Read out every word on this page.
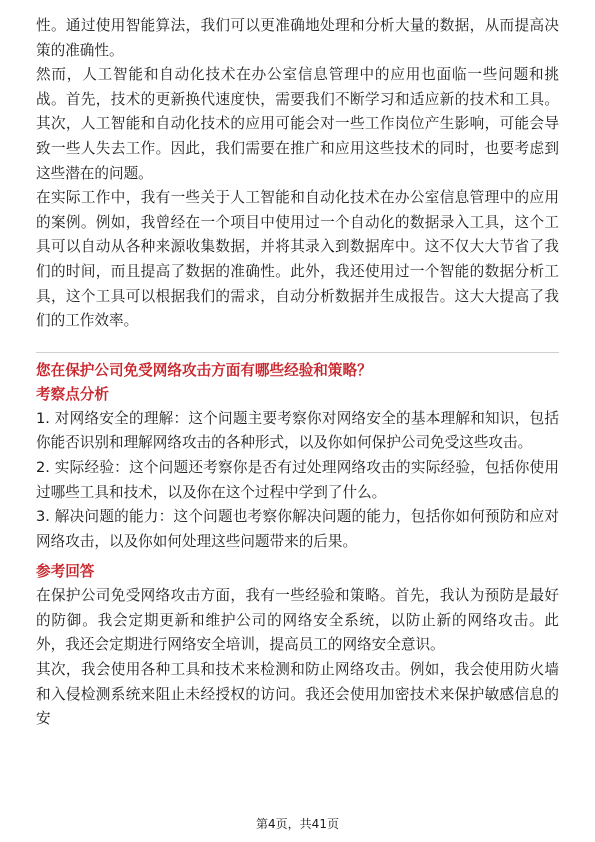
性。通过使用智能算法，我们可以更准确地处理和分析大量的数据，从而提高决策的准确性。

然而，人工智能和自动化技术在办公室信息管理中的应用也面临一些问题和挑战。首先，技术的更新换代速度快，需要我们不断学习和适应新的技术和工具。其次，人工智能和自动化技术的应用可能会对一些工作岗位产生影响，可能会导致一些人失去工作。因此，我们需要在推广和应用这些技术的同时，也要考虑到这些潜在的问题。

在实际工作中，我有一些关于人工智能和自动化技术在办公室信息管理中的应用的案例。例如，我曾经在一个项目中使用过一个自动化的数据录入工具，这个工具可以自动从各种来源收集数据，并将其录入到数据库中。这不仅大大节省了我们的时间，而且提高了数据的准确性。此外，我还使用过一个智能的数据分析工具，这个工具可以根据我们的需求，自动分析数据并生成报告。这大大提高了我们的工作效率。

您在保护公司免受网络攻击方面有哪些经验和策略？

考察点分析

1. 对网络安全的理解：这个问题主要考察你对网络安全的基本理解和知识，包括你能否识别和理解网络攻击的各种形式，以及你如何保护公司免受这些攻击。

2. 实际经验：这个问题还考察你是否有过处理网络攻击的实际经验，包括你使用过哪些工具和技术，以及你在这个过程中学到了什么。

3. 解决问题的能力：这个问题也考察你解决问题的能力，包括你如何预防和应对网络攻击，以及你如何处理这些问题带来的后果。

参考回答

在保护公司免受网络攻击方面，我有一些经验和策略。首先，我认为预防是最好的防御。我会定期更新和维护公司的网络安全系统，以防止新的网络攻击。此外，我还会定期进行网络安全培训，提高员工的网络安全意识。

其次，我会使用各种工具和技术来检测和防止网络攻击。例如，我会使用防火墙和入侵检测系统来阻止未经授权的访问。我还会使用加密技术来保护敏感信息的安

第4页，共41页
